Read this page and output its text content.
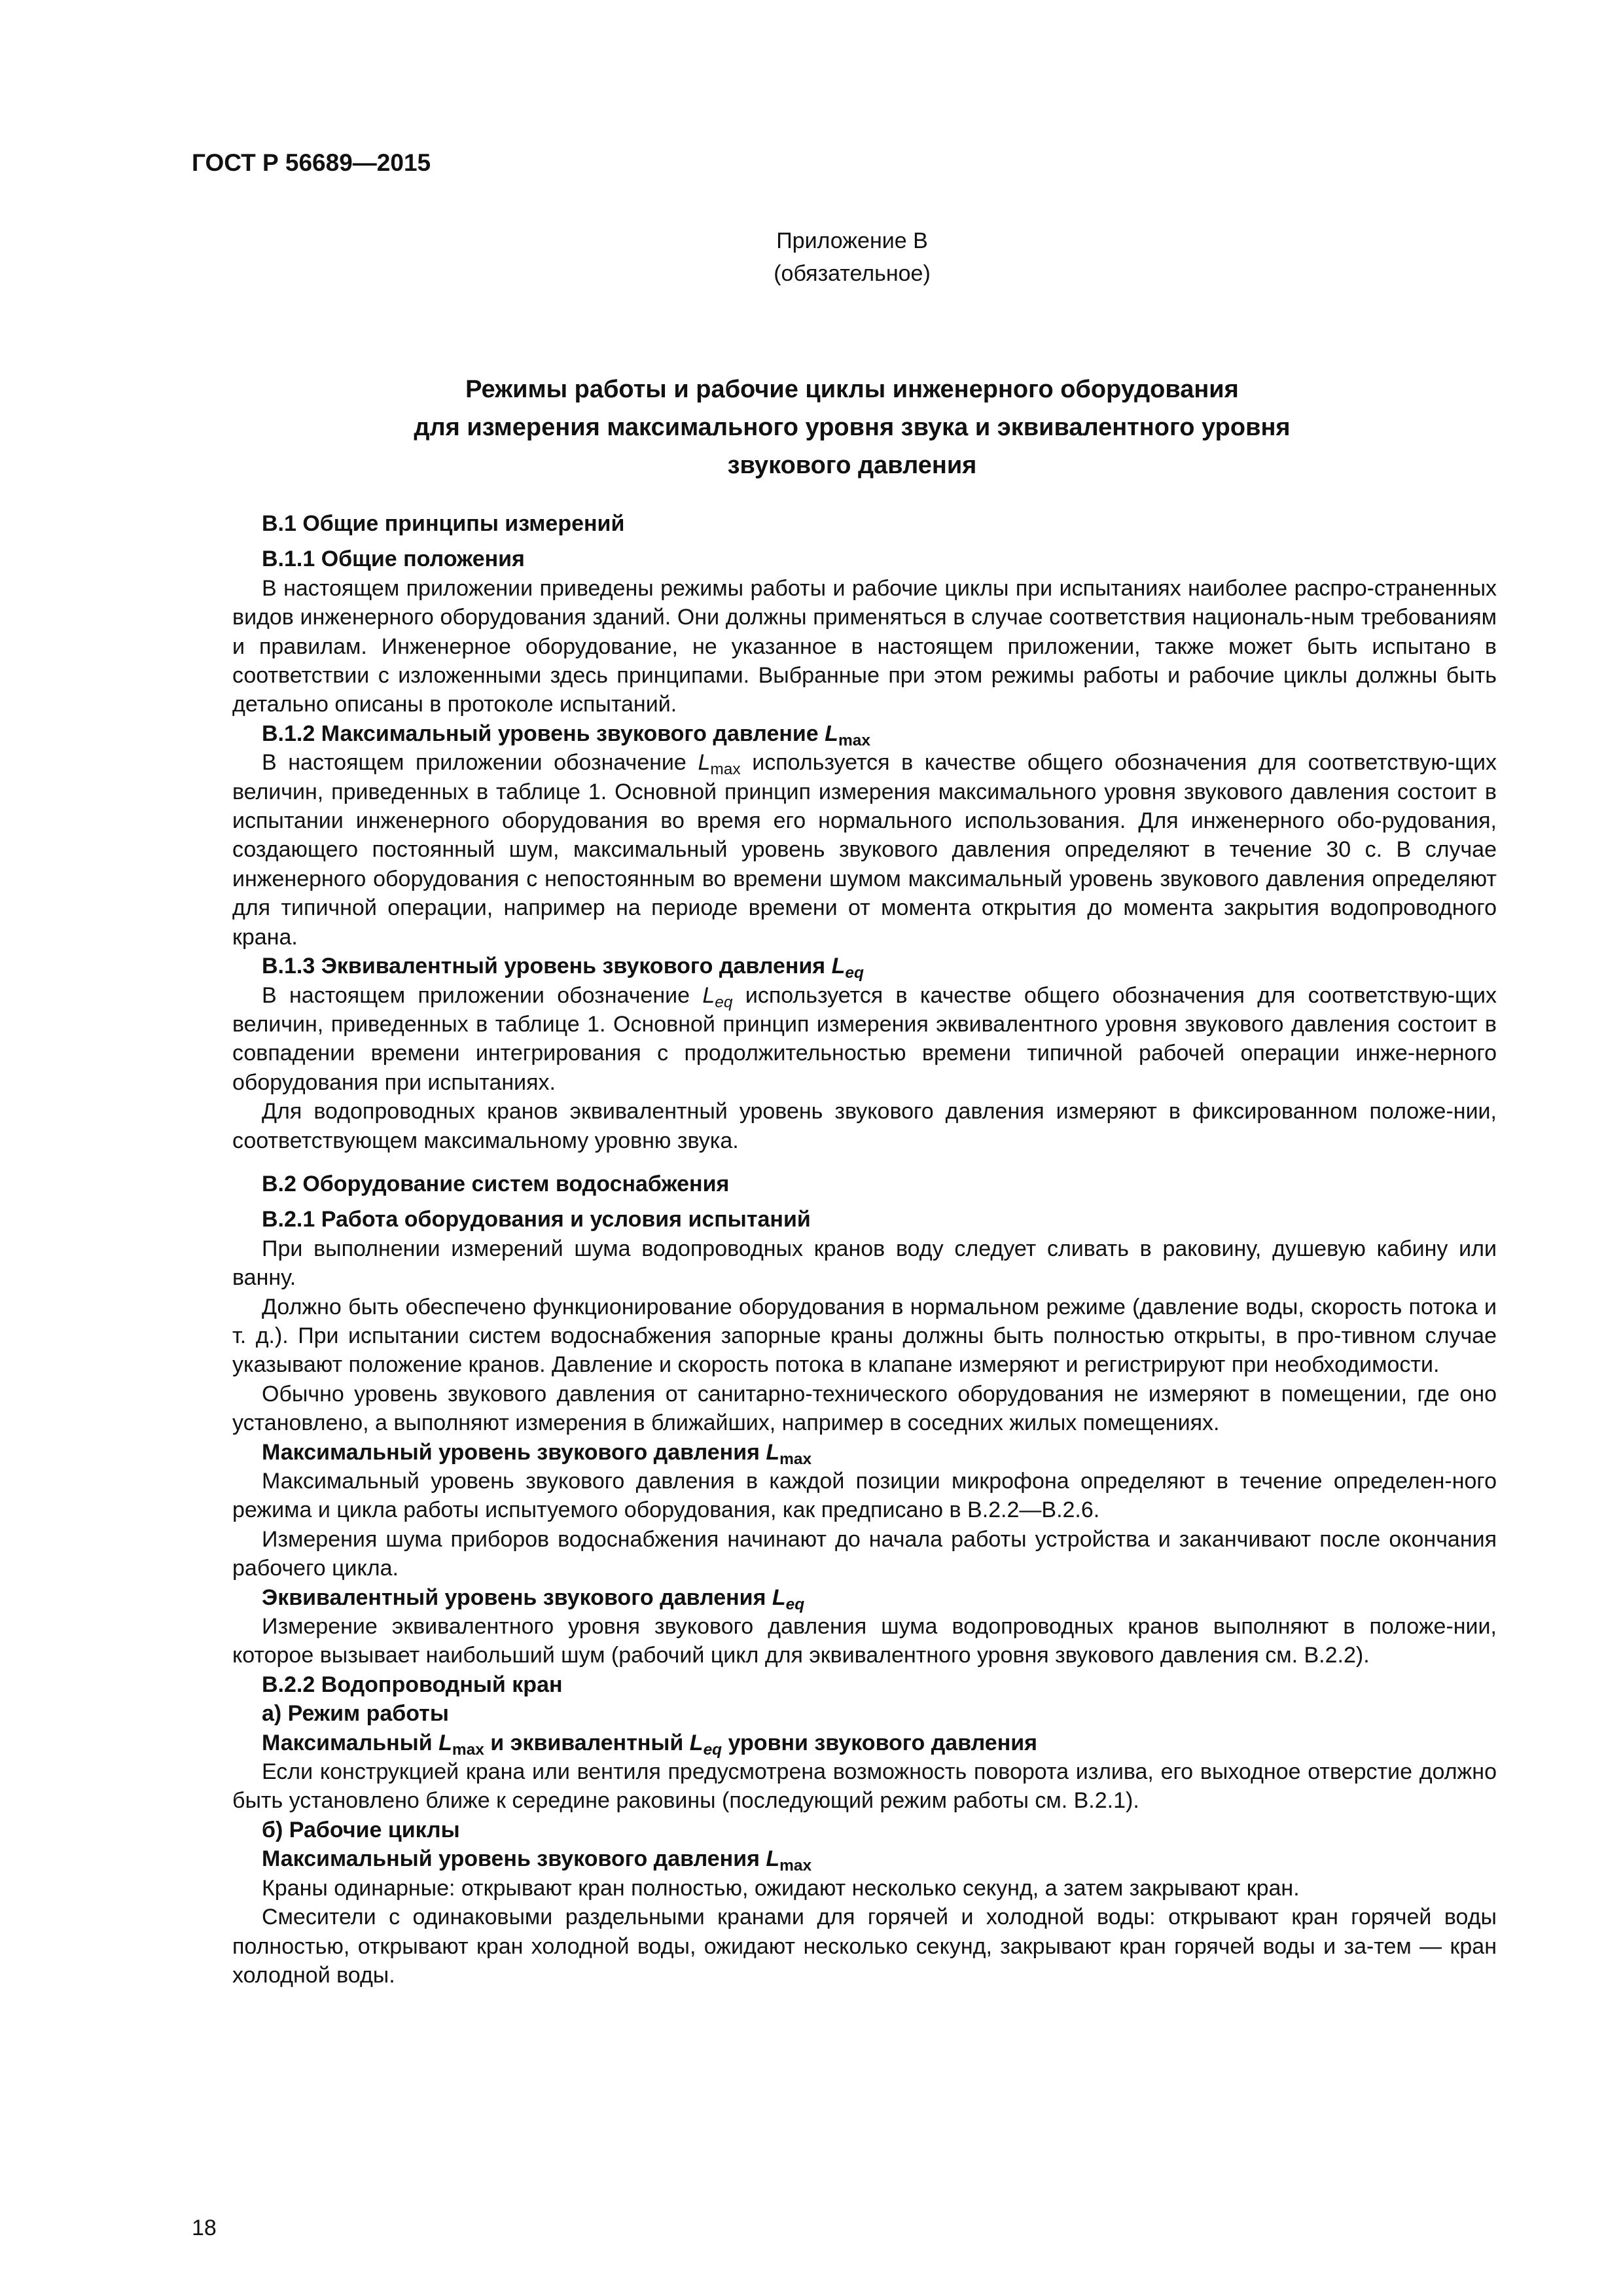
ГОСТ Р 56689—2015

Приложение В
(обязательное)
Режимы работы и рабочие циклы инженерного оборудования
для измерения максимального уровня звука и эквивалентного уровня
звукового давления

В.1 Общие принципы измерений

В.1.1 Общие положения

В настоящем приложении приведены режимы работы и рабочие циклы при испытаниях наиболее распро-страненных видов инженерного оборудования зданий. Они должны применяться в случае соответствия националь-ным требованиям и правилам. Инженерное оборудование, не указанное в настоящем приложении, также может быть испытано в соответствии с изложенными здесь принципами. Выбранные при этом режимы работы и рабочие циклы должны быть детально описаны в протоколе испытаний.

В.1.2 Максимальный уровень звукового давление $L_{max}$

В настоящем приложении обозначение $L_{max}$ используется в качестве общего обозначения для соответствую-щих величин, приведенных в таблице 1. Основной принцип измерения максимального уровня звукового давления состоит в испытании инженерного оборудования во время его нормального использования. Для инженерного обо-рудования, создающего постоянный шум, максимальный уровень звукового давления определяют в течение 30 с. В случае инженерного оборудования с непостоянным во времени шумом максимальный уровень звукового давления определяют для типичной операции, например на периоде времени от момента открытия до момента закрытия водопроводного крана.

В.1.3 Эквивалентный уровень звукового давления $L_{eq}$

В настоящем приложении обозначение $L_{eq}$ используется в качестве общего обозначения для соответствую-щих величин, приведенных в таблице 1. Основной принцип измерения эквивалентного уровня звукового давления состоит в совпадении времени интегрирования с продолжительностью времени типичной рабочей операции инже-нерного оборудования при испытаниях.

Для водопроводных кранов эквивалентный уровень звукового давления измеряют в фиксированном положе-нии, соответствующем максимальному уровню звука.

В.2 Оборудование систем водоснабжения

В.2.1 Работа оборудования и условия испытаний

При выполнении измерений шума водопроводных кранов воду следует сливать в раковину, душевую кабину или ванну.

Должно быть обеспечено функционирование оборудования в нормальном режиме (давление воды, скорость потока и т. д.). При испытании систем водоснабжения запорные краны должны быть полностью открыты, в про-тивном случае указывают положение кранов. Давление и скорость потока в клапане измеряют и регистрируют при необходимости.

Обычно уровень звукового давления от санитарно-технического оборудования не измеряют в помещении, где оно установлено, а выполняют измерения в ближайших, например в соседних жилых помещениях.

Максимальный уровень звукового давления $L_{max}$

Максимальный уровень звукового давления в каждой позиции микрофона определяют в течение определен-ного режима и цикла работы испытуемого оборудования, как предписано в В.2.2—В.2.6.

Измерения шума приборов водоснабжения начинают до начала работы устройства и заканчивают после окончания рабочего цикла.

Эквивалентный уровень звукового давления $L_{eq}$

Измерение эквивалентного уровня звукового давления шума водопроводных кранов выполняют в положе-нии, которое вызывает наибольший шум (рабочий цикл для эквивалентного уровня звукового давления см. В.2.2).

В.2.2 Водопроводный кран

а) Режим работы

Максимальный $L_{max}$ и эквивалентный $L_{eq}$ уровни звукового давления

Если конструкцией крана или вентиля предусмотрена возможность поворота излива, его выходное отверстие должно быть установлено ближе к середине раковины (последующий режим работы см. В.2.1).

б) Рабочие циклы

Максимальный уровень звукового давления $L_{max}$

Краны одинарные: открывают кран полностью, ожидают несколько секунд, а затем закрывают кран.

Смесители с одинаковыми раздельными кранами для горячей и холодной воды: открывают кран горячей воды полностью, открывают кран холодной воды, ожидают несколько секунд, закрывают кран горячей воды и за-тем — кран холодной воды.

18
